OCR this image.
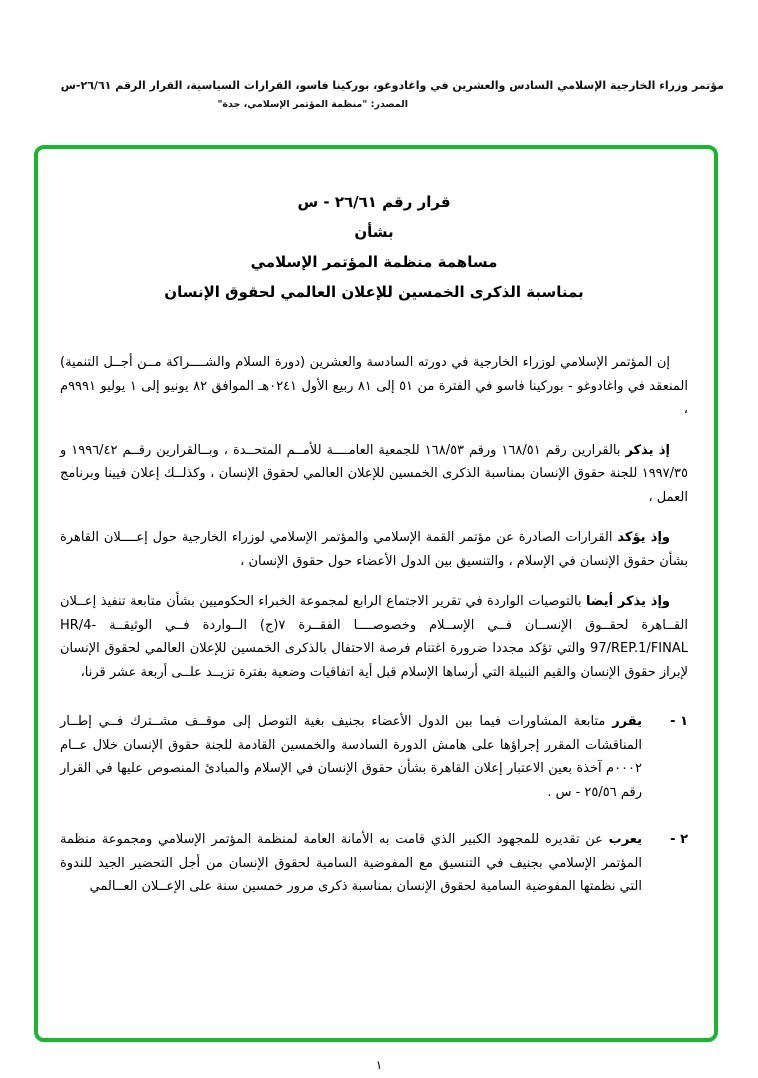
مؤتمر وزراء الخارجية الإسلامي السادس والعشرين في واغادوغو، بوركينا فاسو، القرارات السياسية، القرار الرقم ٢٦/٦١-س
المصدر: "منظمة المؤتمر الإسلامي، جدة"
قرار رقم ٢٦/٦١ - س
بشأن
مساهمة منظمة المؤتمر الإسلامي
بمناسبة الذكرى الخمسين للإعلان العالمي لحقوق الإنسان

إن المؤتمر الإسلامي لوزراء الخارجية في دورته السادسة والعشرين (دورة السلام والشــــراكة مــن أجــل التنمية) المنعقد في واغادوغو - بوركينا فاسو في الفترة من ٥١ إلى ٨١ ربيع الأول ٠٢٤١هـ الموافق ٨٢ يونيو إلى ١ يوليو ٩٩٩١م ،

إذ يذكر بالقرارين رقم ١٦٨/٥١ ورقم ١٦٨/٥٣ للجمعية العامــــة للأمــم المتحــدة ، وبــالقرارين رقــم ١٩٩٦/٤٢ و ١٩٩٧/٣٥ للجنة حقوق الإنسان بمناسبة الذكرى الخمسين للإعلان العالمي لحقوق الإنسان ، وكذلــك إعلان فيينا وبرنامج العمل ،

وإذ يؤكد القرارات الصادرة عن مؤتمر القمة الإسلامي والمؤتمر الإسلامي لوزراء الخارجية حول إعــــلان القاهرة بشأن حقوق الإنسان في الإسلام ، والتنسيق بين الدول الأعضاء حول حقوق الإنسان ،

وإذ يذكر أيضا بالتوصيات الواردة في تقرير الاجتماع الرابع لمجموعة الخبراء الحكوميين بشأن متابعة تنفيذ إعــلان القــاهرة لحقــوق الإنســان فــي الإســلام وخصوصــــا الفقــرة ٧(ج) الــواردة فــي الوثيقــة HR/4-97/REP.1/FINAL والتي تؤكد مجددا ضرورة اغتنام فرصة الاحتفال بالذكرى الخمسين للإعلان العالمي لحقوق الإنسان لإبراز حقوق الإنسان والقيم النبيلة التي أرساها الإسلام قبل أية اتفاقيات وضعية بفترة تزيــد علــى أربعة عشر قرنا،

١ -

يقرر متابعة المشاورات فيما بين الدول الأعضاء بجنيف بغية التوصل إلى موقــف مشــترك فــي إطــار المناقشات المقرر إجراؤها على هامش الدورة السادسة والخمسين القادمة للجنة حقوق الإنسان خلال عــام ٠٠٠٢م آخذة بعين الاعتبار إعلان القاهرة بشأن حقوق الإنسان في الإسلام والمبادئ المنصوص عليها في القرار رقم ٢٥/٥٦ - س .

٢ -

يعرب عن تقديره للمجهود الكبير الذي قامت به الأمانة العامة لمنظمة المؤتمر الإسلامي ومجموعة منظمة المؤتمر الإسلامي بجنيف في التنسيق مع المفوضية السامية لحقوق الإنسان من أجل التحضير الجيد للندوة التي نظمتها المفوضية السامية لحقوق الإنسان بمناسبة ذكرى مرور خمسين سنة على الإعــلان العــالمي

١
